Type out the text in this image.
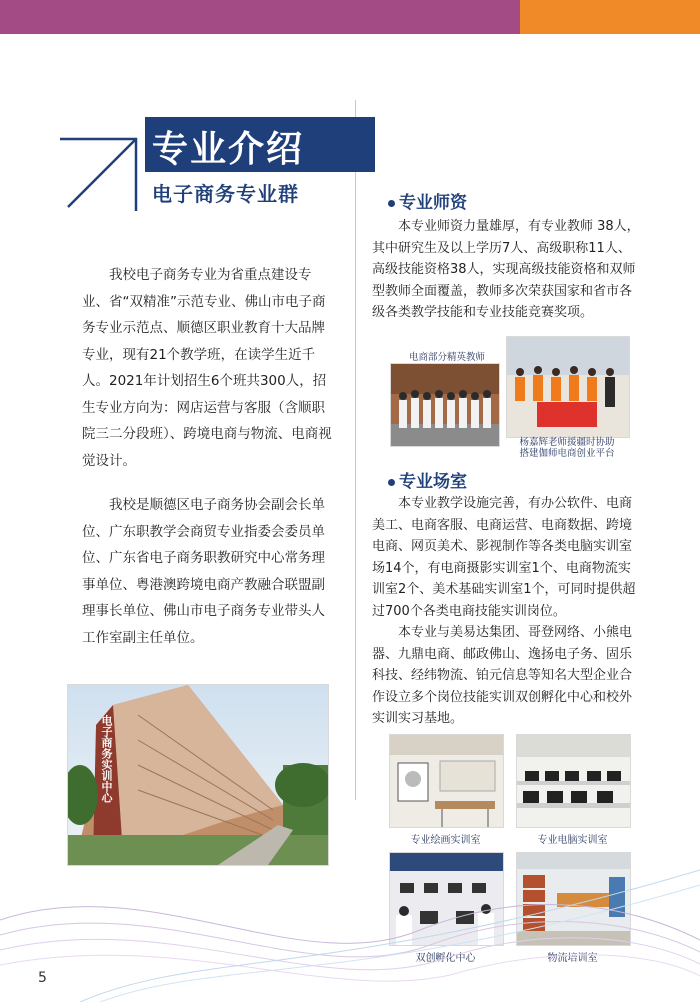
专业介绍
电子商务专业群

我校电子商务专业为省重点建设专业、省“双精准”示范专业、佛山市电子商务专业示范点、顺德区职业教育十大品牌专业，现有21个教学班，在读学生近千人。2021年计划招生6个班共300人，招生专业方向为：网店运营与客服（含顺职院三二分段班）、跨境电商与物流、电商视觉设计。

我校是顺德区电子商务协会副会长单位、广东职教学会商贸专业指委会委员单位、广东省电子商务职教研究中心常务理事单位、粤港澳跨境电商产教融合联盟副理事长单位、佛山市电子商务专业带头人工作室副主任单位。

电子商务实训中心
专业师资

本专业师资力量雄厚，有专业教师 38人，其中研究生及以上学历7人、高级职称11人、高级技能资格38人，实现高级技能资格和双师型教师全面覆盖，教师多次荣获国家和省市各级各类教学技能和专业技能竞赛奖项。

电商部分精英教师
杨嘉辉老师援疆时协助
搭建伽师电商创业平台
专业场室

本专业教学设施完善，有办公软件、电商美工、电商客服、电商运营、电商数据、跨境电商、网页美术、影视制作等各类电脑实训室场14个，有电商摄影实训室1个、电商物流实训室2个、美术基础实训室1个，可同时提供超过700个各类电商技能实训岗位。

本专业与美易达集团、哥登网络、小熊电器、九鼎电商、邮政佛山、逸扬电子务、固乐科技、经纬物流、铂元信息等知名大型企业合作设立多个岗位技能实训双创孵化中心和校外实训实习基地。

专业绘画实训室	专业电脑实训室
双创孵化中心	物流培训室
5
